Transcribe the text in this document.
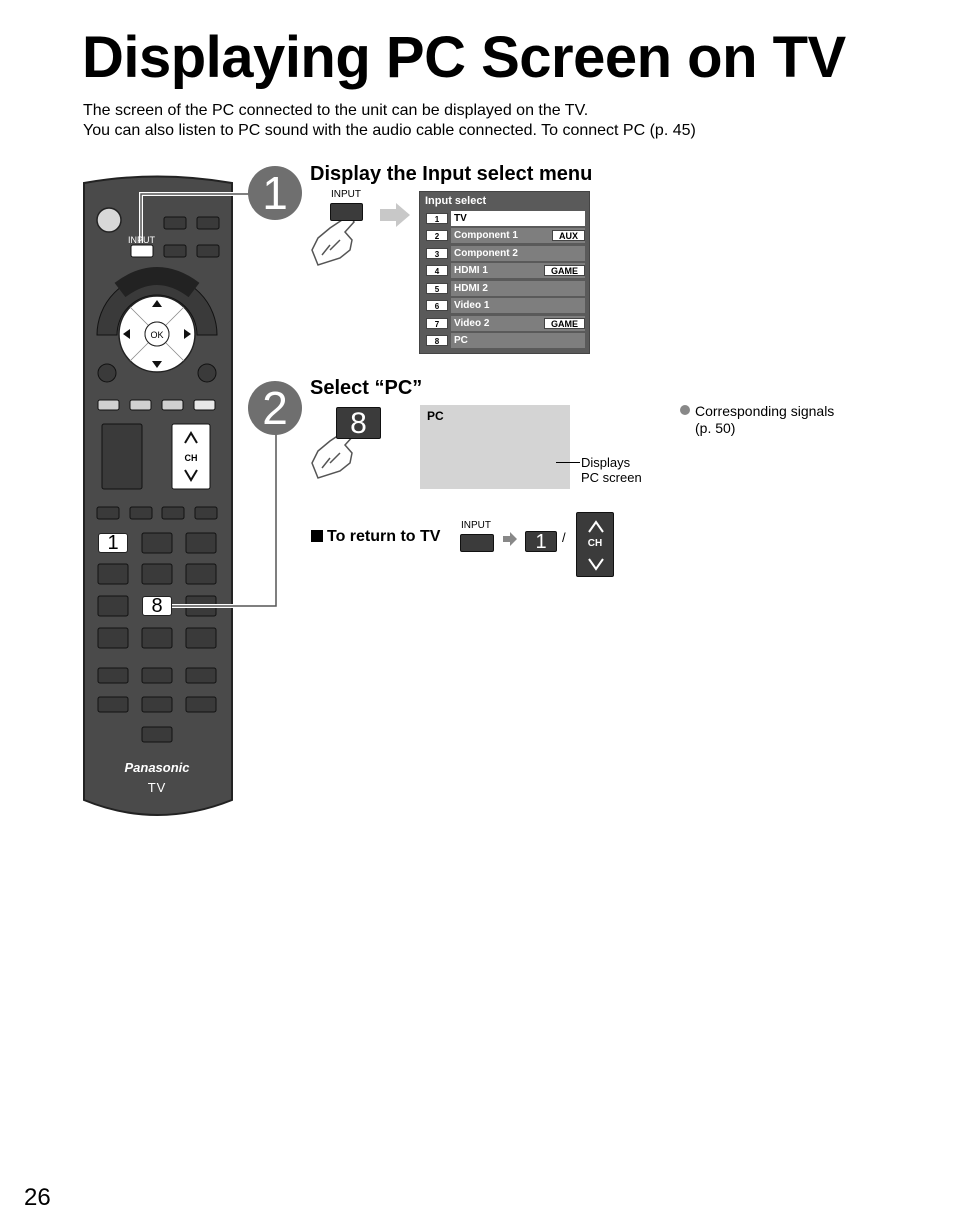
Displaying PC Screen on TV
The screen of the PC connected to the unit can be displayed on the TV.
You can also listen to PC sound with the audio cable connected. To connect PC (p. 45)
OK
CH
INPUT
1
8
Panasonic
TV
1	Display the Input select menu
INPUT
Input select
1	TV
2	Component 1	AUX
3	Component 2
4	HDMI 1	GAME
5	HDMI 2
6	Video 1
7	Video 2	GAME
8	PC
2	Select “PC”
8	PC
Displays
PC screen
Corresponding signals
(p. 50)
To return to TV
INPUT
1	/	CH
26
